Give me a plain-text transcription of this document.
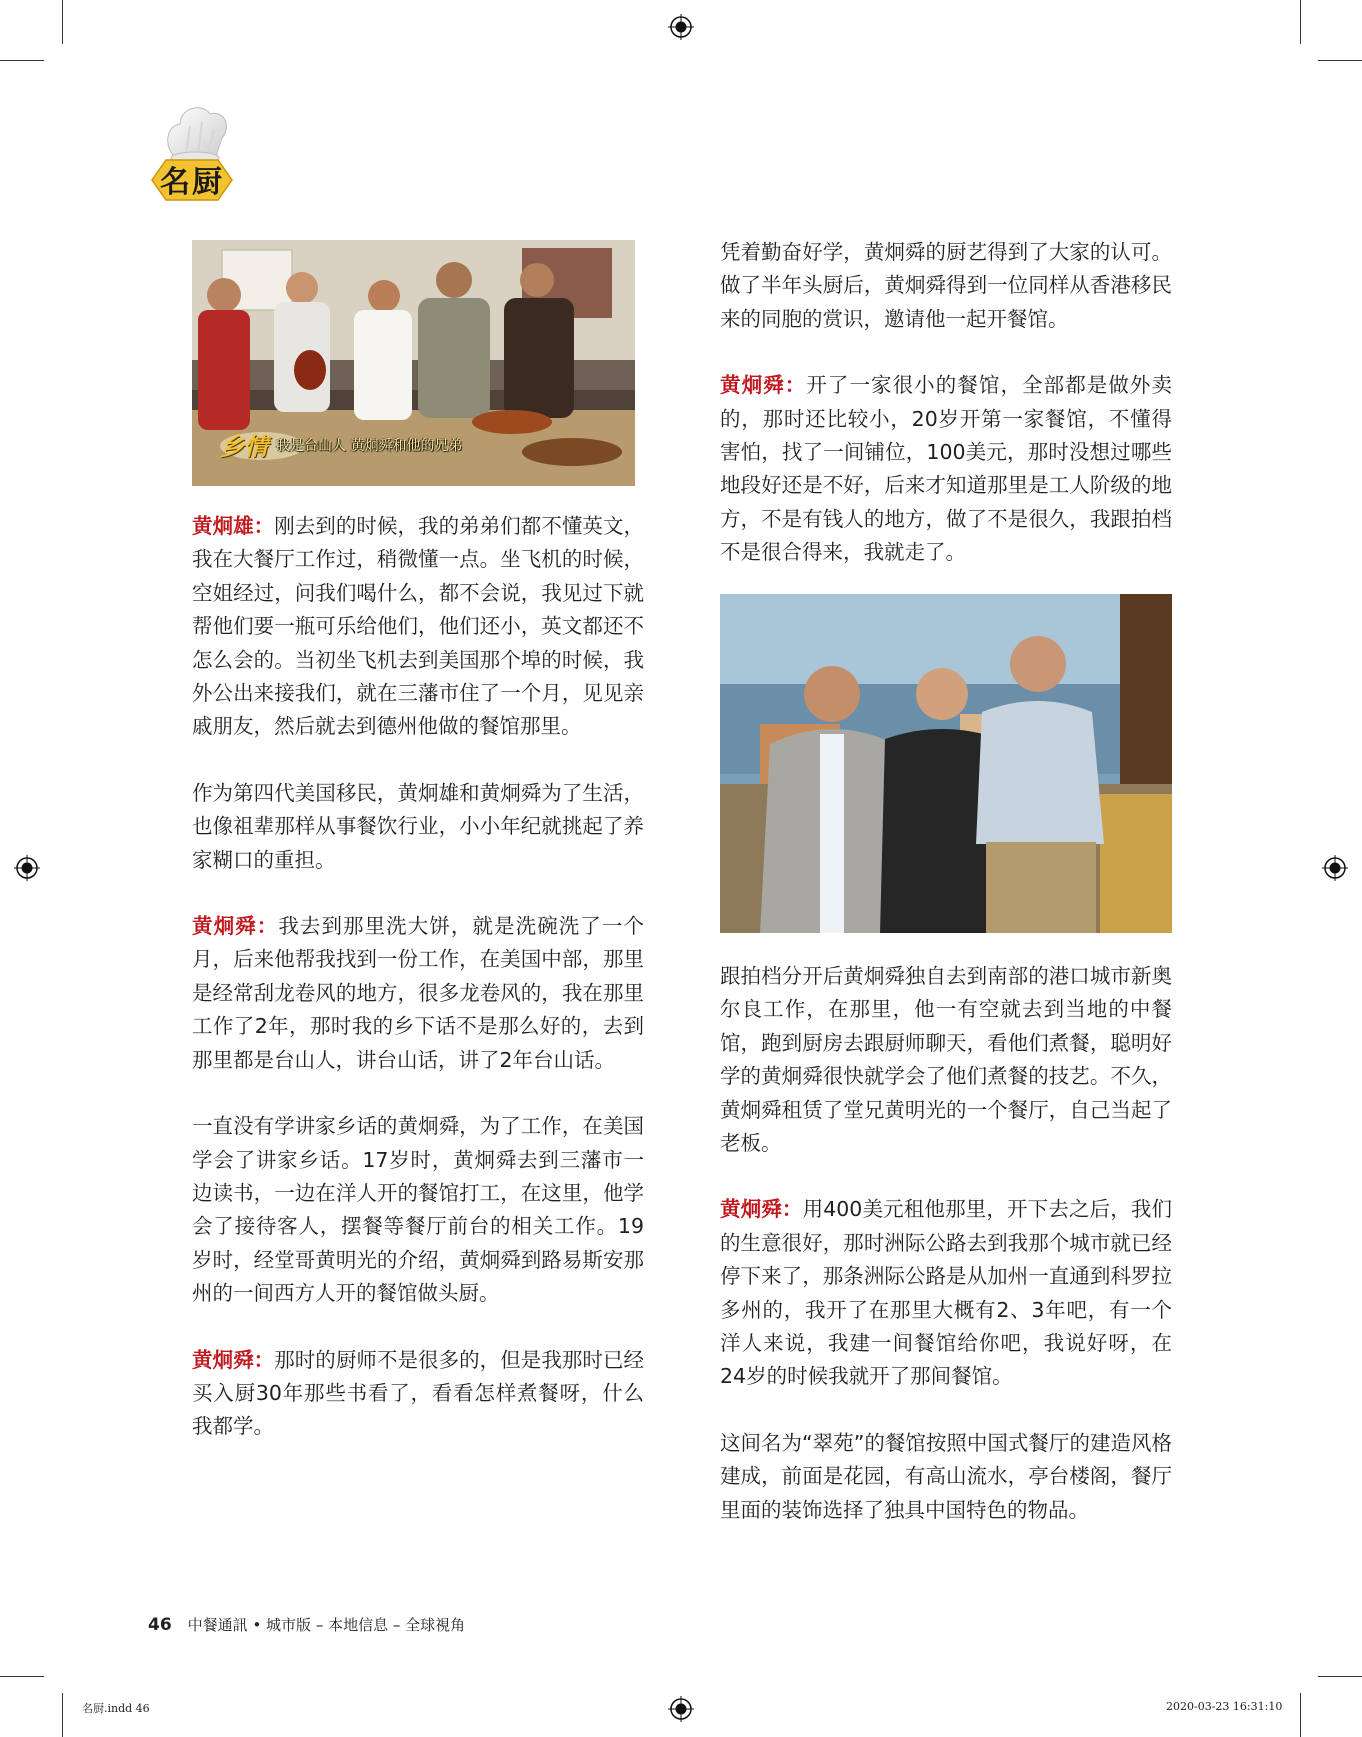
名厨
乡情 我是台山人 黄炯舜和他的兄弟

黄炯雄：刚去到的时候，我的弟弟们都不懂英文，我在大餐厅工作过，稍微懂一点。坐飞机的时候，空姐经过，问我们喝什么，都不会说，我见过下就帮他们要一瓶可乐给他们，他们还小，英文都还不怎么会的。当初坐飞机去到美国那个埠的时候，我外公出来接我们，就在三藩市住了一个月，见见亲戚朋友，然后就去到德州他做的餐馆那里。

作为第四代美国移民，黄炯雄和黄炯舜为了生活，也像祖辈那样从事餐饮行业，小小年纪就挑起了养家糊口的重担。

黄炯舜：我去到那里洗大饼，就是洗碗洗了一个月，后来他帮我找到一份工作，在美国中部，那里是经常刮龙卷风的地方，很多龙卷风的，我在那里工作了2年，那时我的乡下话不是那么好的，去到那里都是台山人，讲台山话，讲了2年台山话。

一直没有学讲家乡话的黄炯舜，为了工作，在美国学会了讲家乡话。17岁时，黄炯舜去到三藩市一边读书，一边在洋人开的餐馆打工，在这里，他学会了接待客人，摆餐等餐厅前台的相关工作。19岁时，经堂哥黄明光的介绍，黄炯舜到路易斯安那州的一间西方人开的餐馆做头厨。

黄炯舜：那时的厨师不是很多的，但是我那时已经买入厨30年那些书看了，看看怎样煮餐呀，什么我都学。

凭着勤奋好学，黄炯舜的厨艺得到了大家的认可。做了半年头厨后，黄炯舜得到一位同样从香港移民来的同胞的赏识，邀请他一起开餐馆。

黄炯舜：开了一家很小的餐馆，全部都是做外卖的，那时还比较小，20岁开第一家餐馆，不懂得害怕，找了一间铺位，100美元，那时没想过哪些地段好还是不好，后来才知道那里是工人阶级的地方，不是有钱人的地方，做了不是很久，我跟拍档不是很合得来，我就走了。

跟拍档分开后黄炯舜独自去到南部的港口城市新奥尔良工作，在那里，他一有空就去到当地的中餐馆，跑到厨房去跟厨师聊天，看他们煮餐，聪明好学的黄炯舜很快就学会了他们煮餐的技艺。不久，黄炯舜租赁了堂兄黄明光的一个餐厅，自己当起了老板。

黄炯舜：用400美元租他那里，开下去之后，我们的生意很好，那时洲际公路去到我那个城市就已经停下来了，那条洲际公路是从加州一直通到科罗拉多州的，我开了在那里大概有2、3年吧，有一个洋人来说，我建一间餐馆给你吧，我说好呀，在24岁的时候我就开了那间餐馆。

这间名为“翠苑”的餐馆按照中国式餐厅的建造风格建成，前面是花园，有高山流水，亭台楼阁，餐厅里面的装饰选择了独具中国特色的物品。

46 中餐通訊 • 城市版 – 本地信息 – 全球視角
名厨.indd 46	2020-03-23 16:31:10
